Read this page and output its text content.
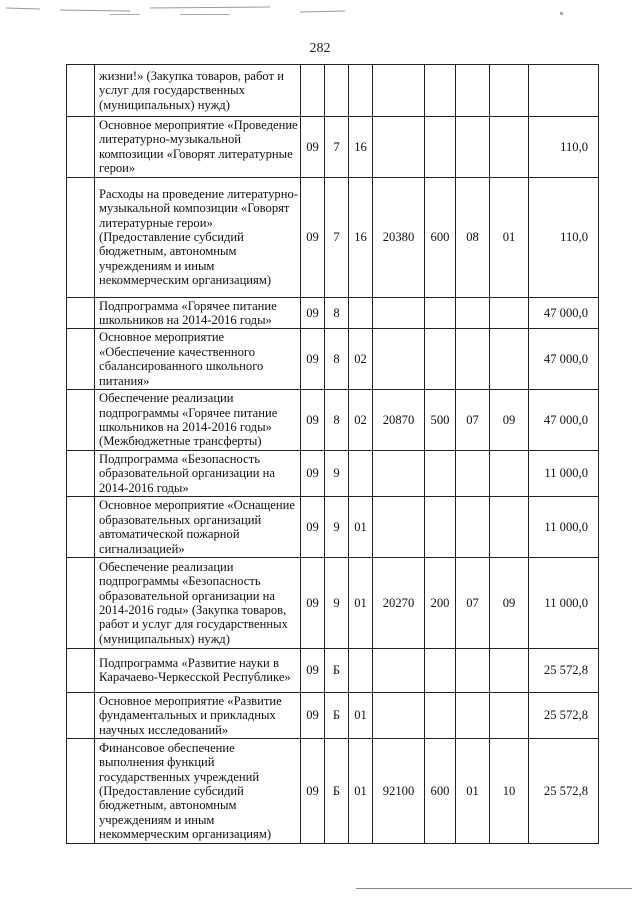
282
	жизни!» (Закупка товаров, работ и услуг для государственных (муниципальных) нужд)								
	Основное мероприятие «Проведение литературно-музыкальной композиции «Говорят литературные герои»	09	7	16					110,0
	Расходы на проведение литературно-музыкальной композиции «Говорят литературные герои» (Предоставление субсидий бюджетным, автономным учреждениям и иным некоммерческим организациям)	09	7	16	20380	600	08	01	110,0
	Подпрограмма «Горячее питание школьников на 2014-2016 годы»	09	8						47 000,0
	Основное мероприятие «Обеспечение качественного сбалансированного школьного питания»	09	8	02					47 000,0
	Обеспечение реализации подпрограммы «Горячее питание школьников на 2014-2016 годы» (Межбюджетные трансферты)	09	8	02	20870	500	07	09	47 000,0
	Подпрограмма «Безопасность образовательной организации на 2014-2016 годы»	09	9						11 000,0
	Основное мероприятие «Оснащение образовательных организаций автоматической пожарной сигнализацией»	09	9	01					11 000,0
	Обеспечение реализации подпрограммы «Безопасность образовательной организации на 2014-2016 годы» (Закупка товаров, работ и услуг для государственных (муниципальных) нужд)	09	9	01	20270	200	07	09	11 000,0
	Подпрограмма «Развитие науки в Карачаево-Черкесской Республике»	09	Б						25 572,8
	Основное мероприятие «Развитие фундаментальных и прикладных научных исследований»	09	Б	01					25 572,8
	Финансовое обеспечение выполнения функций государственных учреждений (Предоставление субсидий бюджетным, автономным учреждениям и иным некоммерческим организациям)	09	Б	01	92100	600	01	10	25 572,8
